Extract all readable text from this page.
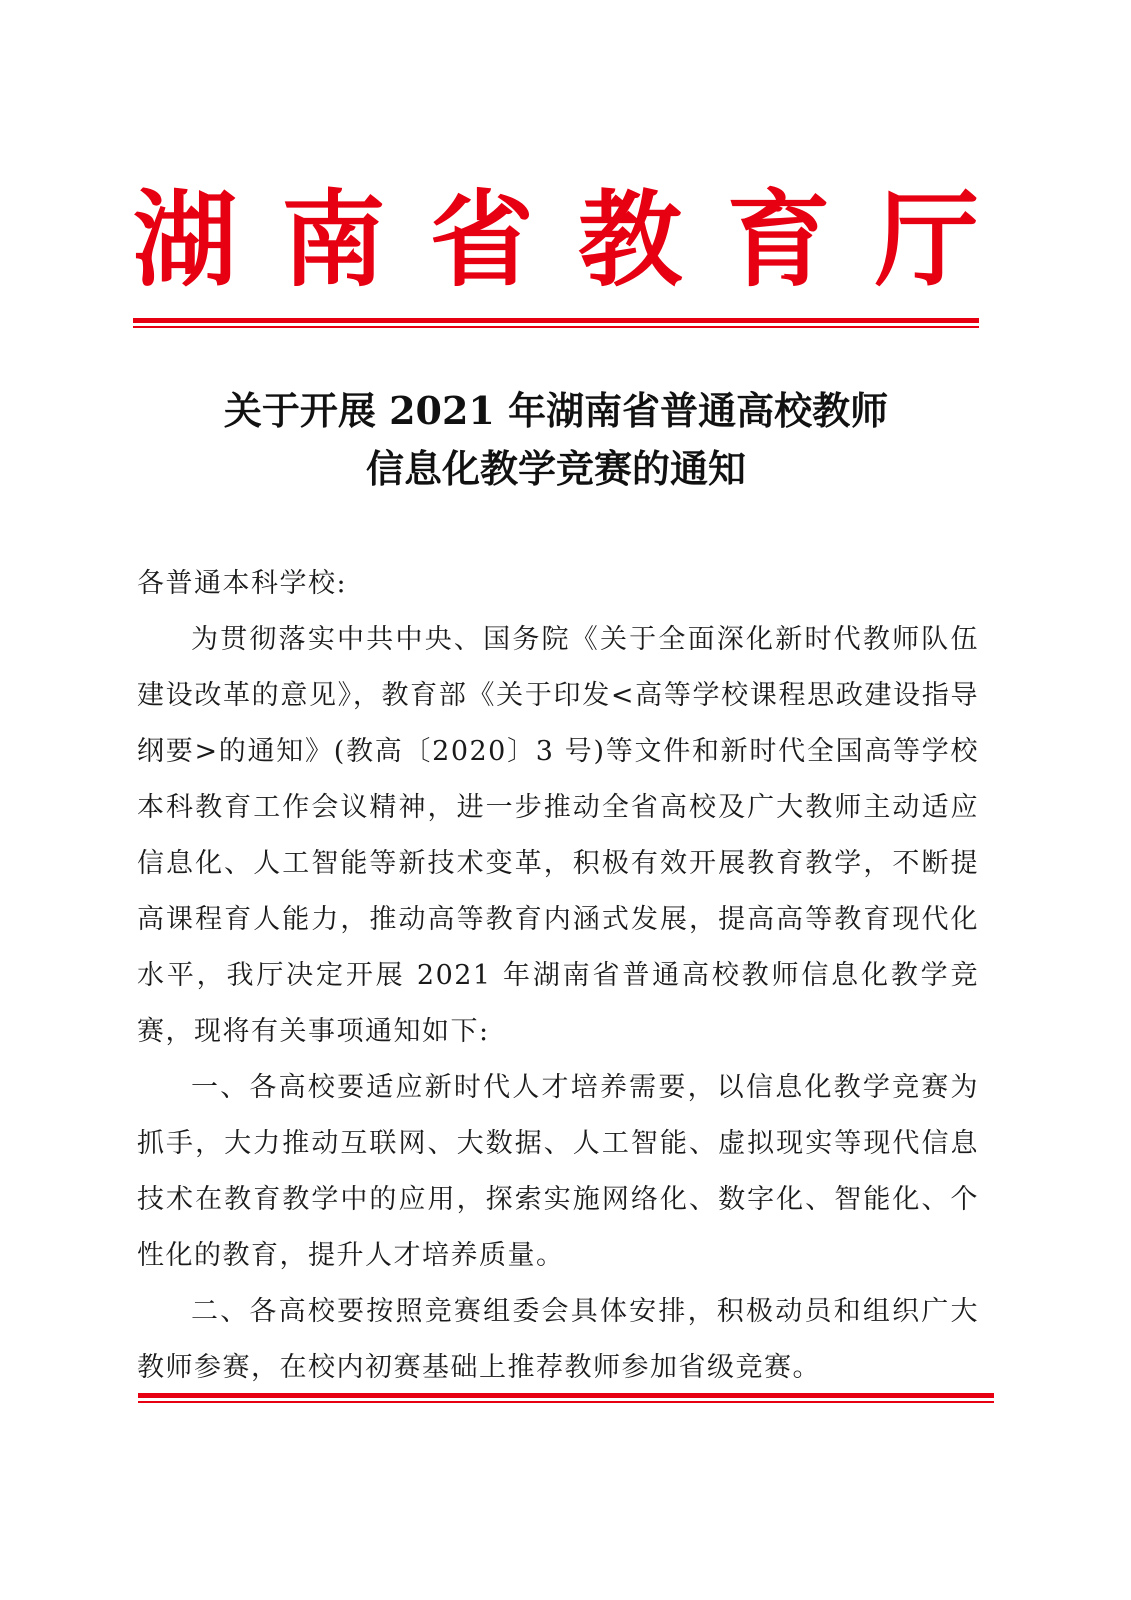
湖 南 省 教 育 厅
关于开展 2021 年湖南省普通高校教师
信息化教学竞赛的通知

各普通本科学校:

为贯彻落实中共中央、国务院《关于全面深化新时代教师队伍建设改革的意见》，教育部《关于印发<高等学校课程思政建设指导纲要>的通知》(教高〔2020〕3 号)等文件和新时代全国高等学校本科教育工作会议精神，进一步推动全省高校及广大教师主动适应信息化、人工智能等新技术变革，积极有效开展教育教学，不断提高课程育人能力，推动高等教育内涵式发展，提高高等教育现代化水平，我厅决定开展 2021 年湖南省普通高校教师信息化教学竞赛，现将有关事项通知如下:

一、各高校要适应新时代人才培养需要，以信息化教学竞赛为抓手，大力推动互联网、大数据、人工智能、虚拟现实等现代信息技术在教育教学中的应用，探索实施网络化、数字化、智能化、个性化的教育，提升人才培养质量。

二、各高校要按照竞赛组委会具体安排，积极动员和组织广大教师参赛，在校内初赛基础上推荐教师参加省级竞赛。
